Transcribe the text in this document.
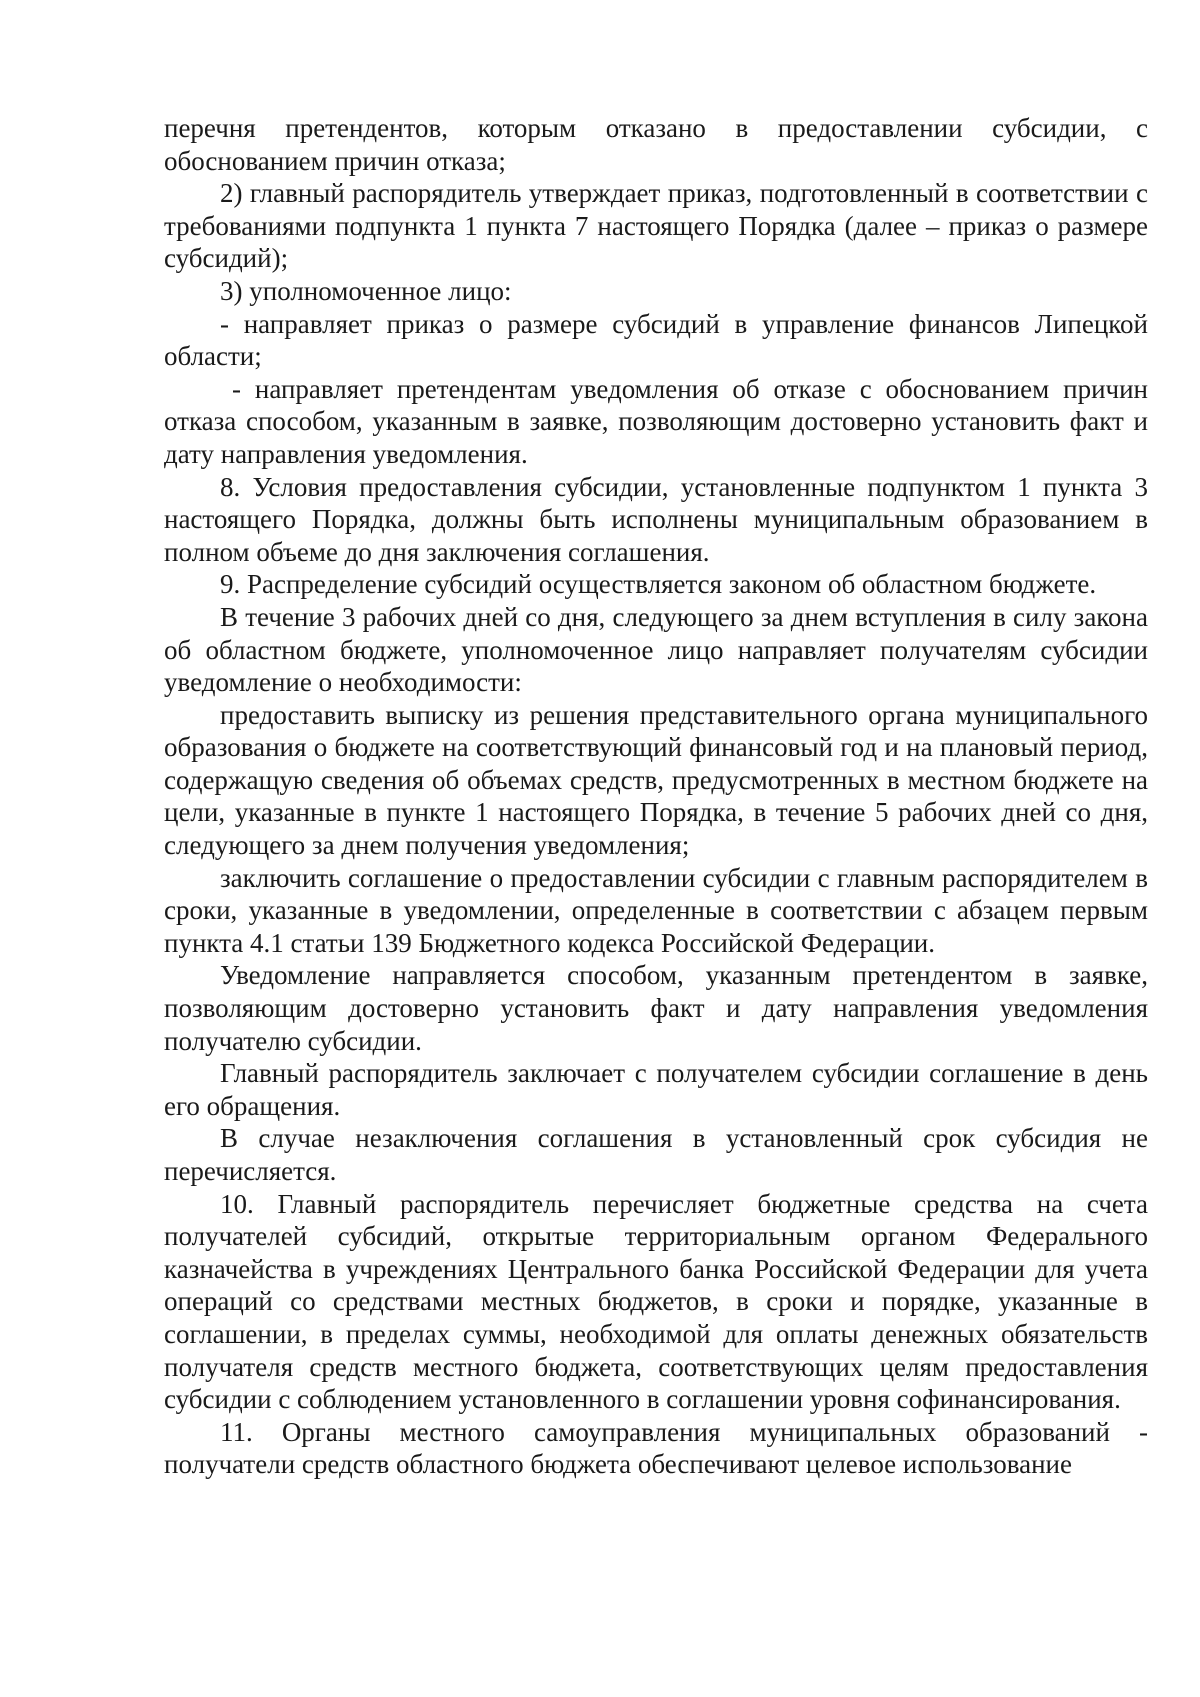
перечня претендентов, которым отказано в предоставлении субсидии, с обоснованием причин отказа;

2) главный распорядитель утверждает приказ, подготовленный в соответствии с требованиями подпункта 1 пункта 7 настоящего Порядка (далее – приказ о размере субсидий);

3) уполномоченное лицо:

- направляет приказ о размере субсидий в управление финансов Липецкой области;

- направляет претендентам уведомления об отказе с обоснованием причин отказа способом, указанным в заявке, позволяющим достоверно установить факт и дату направления уведомления.

8. Условия предоставления субсидии, установленные подпунктом 1 пункта 3 настоящего Порядка, должны быть исполнены муниципальным образованием в полном объеме до дня заключения соглашения.

9. Распределение субсидий осуществляется законом об областном бюджете.

В течение 3 рабочих дней со дня, следующего за днем вступления в силу закона об областном бюджете, уполномоченное лицо направляет получателям субсидии уведомление о необходимости:

предоставить выписку из решения представительного органа муниципального образования о бюджете на соответствующий финансовый год и на плановый период, содержащую сведения об объемах средств, предусмотренных в местном бюджете на цели, указанные в пункте 1 настоящего Порядка, в течение 5 рабочих дней со дня, следующего за днем получения уведомления;

заключить соглашение о предоставлении субсидии с главным распорядителем в сроки, указанные в уведомлении, определенные в соответствии с абзацем первым пункта 4.1 статьи 139 Бюджетного кодекса Российской Федерации.

Уведомление направляется способом, указанным претендентом в заявке, позволяющим достоверно установить факт и дату направления уведомления получателю субсидии.

Главный распорядитель заключает с получателем субсидии соглашение в день его обращения.

В случае незаключения соглашения в установленный срок субсидия не перечисляется.

10. Главный распорядитель перечисляет бюджетные средства на счета получателей субсидий, открытые территориальным органом Федерального казначейства в учреждениях Центрального банка Российской Федерации для учета операций со средствами местных бюджетов, в сроки и порядке, указанные в соглашении, в пределах суммы, необходимой для оплаты денежных обязательств получателя средств местного бюджета, соответствующих целям предоставления субсидии с соблюдением установленного в соглашении уровня софинансирования.

11. Органы местного самоуправления муниципальных образований - получатели средств областного бюджета обеспечивают целевое использование
